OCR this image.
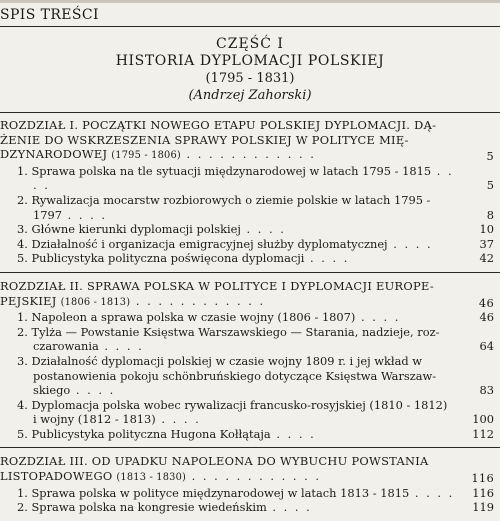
SPIS TREŚCI
CZĘŚĆ I
HISTORIA DYPLOMACJI POLSKIEJ
(1795 - 1831)
(Andrzej Zahorski)
ROZDZIAŁ I. POCZĄTKI NOWEGO ETAPU POLSKIEJ DYPLOMACJI. DĄ-
ŻENIE DO WSKRZESZENIA SPRAWY POLSKIEJ W POLITYCE MIĘ-
DZYNARODOWEJ (1795 - 1806) . . . . . . . . . . . .	5
1. Sprawa polska na tle sytuacji międzynarodowej w latach 1795 - 1815 . . . .	5
2. Rywalizacja mocarstw rozbiorowych o ziemie polskie w latach 1795 -
1797 . . . .	8
3. Główne kierunki dyplomacji polskiej . . . .	10
4. Działalność i organizacja emigracyjnej służby dyplomatycznej . . . .	37
5. Publicystyka polityczna poświęcona dyplomacji . . . .	42
ROZDZIAŁ II. SPRAWA POLSKA W POLITYCE I DYPLOMACJI EUROPE-
PEJSKIEJ (1806 - 1813) . . . . . . . . . . . .	46
1. Napoleon a sprawa polska w czasie wojny (1806 - 1807) . . . .	46
2. Tylża — Powstanie Księstwa Warszawskiego — Starania, nadzieje, roz-
czarowania . . . .	64
3. Działalność dyplomacji polskiej w czasie wojny 1809 r. i jej wkład w
postanowienia pokoju schönbruńskiego dotyczące Księstwa Warszaw-
skiego . . . .	83
4. Dyplomacja polska wobec rywalizacji francusko-rosyjskiej (1810 - 1812)
i wojny (1812 - 1813) . . . .	100
5. Publicystyka polityczna Hugona Kołłątaja . . . .	112
ROZDZIAŁ III. OD UPADKU NAPOLEONA DO WYBUCHU POWSTANIA
LISTOPADOWEGO (1813 - 1830) . . . . . . . . . . . .	116
1. Sprawa polska w polityce międzynarodowej w latach 1813 - 1815 . . . . 116
2. Sprawa polska na kongresie wiedeńskim . . . .	119
